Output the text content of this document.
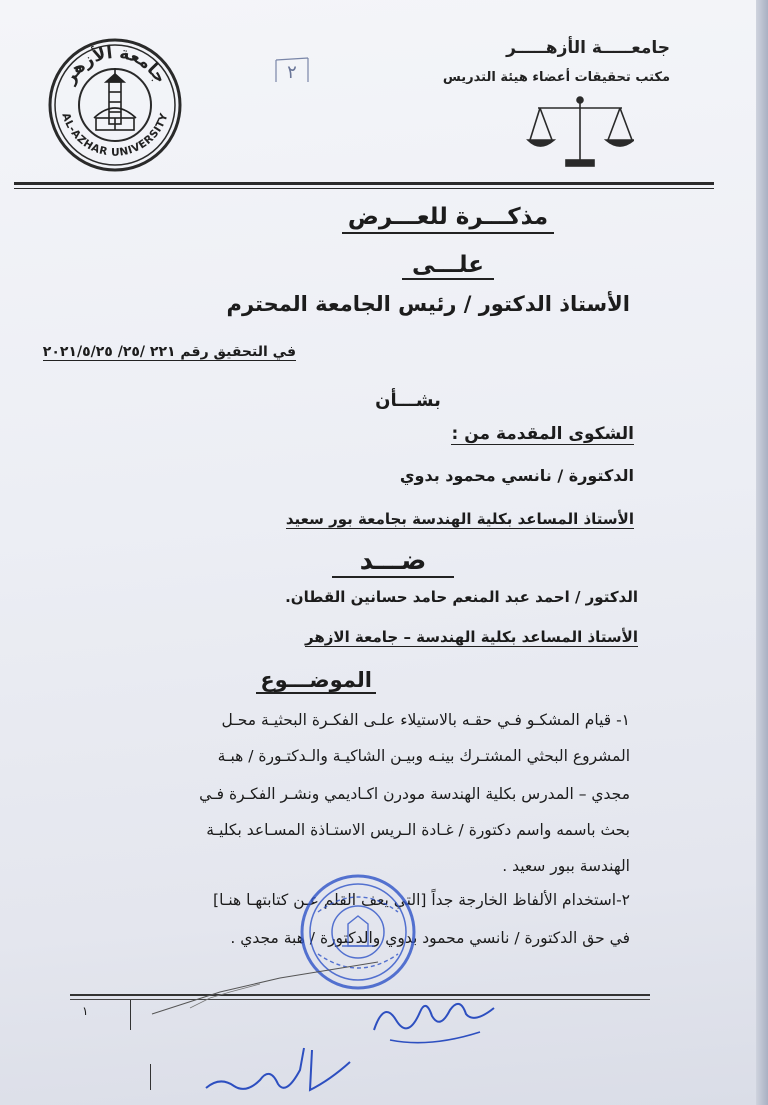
جامعة الأزهر
AL-AZHAR UNIVERSITY
٢
جامعـــــة الأزهـــــر
مكتب تحقيقات أعضاء هيئة التدريس
مذكـــرة للعـــرض
علـــى
الأستاذ الدكتور / رئيس الجامعة المحترم
في التحقيق رقم ٢٢١ /٢٥/ ٢٠٢١/٥/٢٥
بشـــأن
الشكوى المقدمة من :
الدكتورة / نانسي محمود بدوي
الأستاذ المساعد بكلية الهندسة بجامعة بور سعيد
ضـــد
الدكتور / احمد عبد المنعم حامد حسانين القطان.
الأستاذ المساعد بكلية الهندسة – جامعة الازهر
الموضـــوع
١- قيام المشكـو فـي حقـه بالاستيلاء علـى الفكـرة البحثيـة محـل
المشروع البحثي المشتـرك بينـه وبيـن الشاكيـة والـدكتـورة / هبـة
مجدي – المدرس بكلية الهندسة مودرن اكـاديمي ونشـر الفكـرة فـي
بحث باسمه واسم دكتورة / غـادة الـريس الاستـاذة المسـاعد بكليـة
الهندسة ببور سعيد .
٢-استخدام الألفاظ الخارجة جداً [التي يعف القلم عـن كتابتهـا هنـا]
في حق الدكتورة / نانسي محمود بدوي والدكتورة / هبة مجدي .
١
